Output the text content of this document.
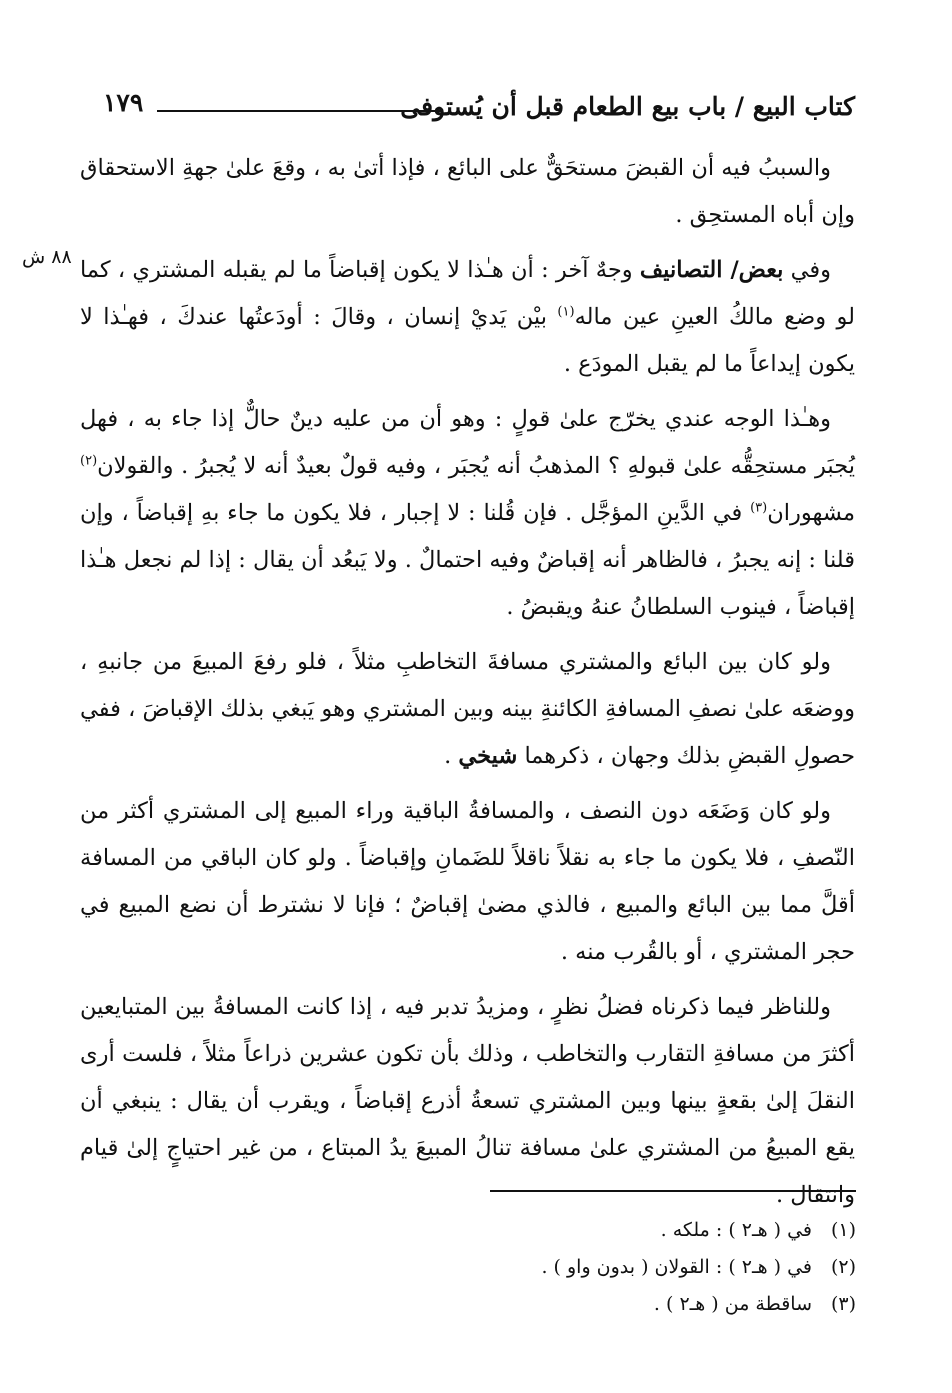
كتاب البيع / باب بيع الطعام قبل أن يُستوفى
١٧٩
٨٨ ش

والسببُ فيه أن القبضَ مستحَقٌّ على البائع ، فإذا أتىٰ به ، وقعَ علىٰ جهةِ الاستحقاق وإن أباه المستحِق .

وفي بعض/ التصانيف وجهٌ آخر : أن هـٰذا لا يكون إقباضاً ما لم يقبله المشتري ، كما لو وضع مالكُ العينِ عين ماله$^{(١)}$ بيْن يَديْ إنسان ، وقالَ : أودَعتُها عندكَ ، فهـٰذا لا يكون إيداعاً ما لم يقبل المودَع .

وهـٰذا الوجه عندي يخرّج علىٰ قولٍ : وهو أن من عليه دينٌ حالٌّ إذا جاء به ، فهل يُجبَر مستحِقُّه علىٰ قبولهِ ؟ المذهبُ أنه يُجبَر ، وفيه قولٌ بعيدٌ أنه لا يُجبرُ . والقولان$^{(٢)}$ مشهوران$^{(٣)}$ في الدَّينِ المؤجَّل . فإن قُلنا : لا إجبار ، فلا يكون ما جاء بهِ إقباضاً ، وإن قلنا : إنه يجبرُ ، فالظاهر أنه إقباضٌ وفيه احتمالٌ . ولا يَبعُد أن يقال : إذا لم نجعل هـٰذا إقباضاً ، فينوب السلطانُ عنهُ ويقبضُ .

ولو كان بين البائع والمشتري مسافةَ التخاطبِ مثلاً ، فلو رفعَ المبيعَ من جانبهِ ، ووضعَه علىٰ نصفِ المسافةِ الكائنةِ بينه وبين المشتري وهو يَبغي بذلك الإقباضَ ، ففي حصولِ القبضِ بذلك وجهان ، ذكرهما شيخي .

ولو كان وَضَعَه دون النصف ، والمسافةُ الباقية وراء المبيع إلى المشتري أكثر من النّصفِ ، فلا يكون ما جاء به نقلاً ناقلاً للضَمانِ وإقباضاً . ولو كان الباقي من المسافة أقلَّ مما بين البائع والمبيع ، فالذي مضىٰ إقباضٌ ؛ فإنا لا نشترط أن نضع المبيع في حجر المشتري ، أو بالقُرب منه .

وللناظر فيما ذكرناه فضلُ نظرٍ ، ومزيدُ تدبر فيه ، إذا كانت المسافةُ بين المتبايعين أكثرَ من مسافةِ التقارب والتخاطب ، وذلك بأن تكون عشرين ذراعاً مثلاً ، فلست أرى النقلَ إلىٰ بقعةٍ بينها وبين المشتري تسعةُ أذرع إقباضاً ، ويقرب أن يقال : ينبغي أن يقع المبيعُ من المشتري علىٰ مسافة تنالُ المبيعَ يدُ المبتاع ، من غير احتياجٍ إلىٰ قيام وانتقال .

(١)في ( هـ٢ ) : ملكه .
(٢)في ( هـ٢ ) : القولان ( بدون واو ) .
(٣)ساقطة من ( هـ٢ ) .
